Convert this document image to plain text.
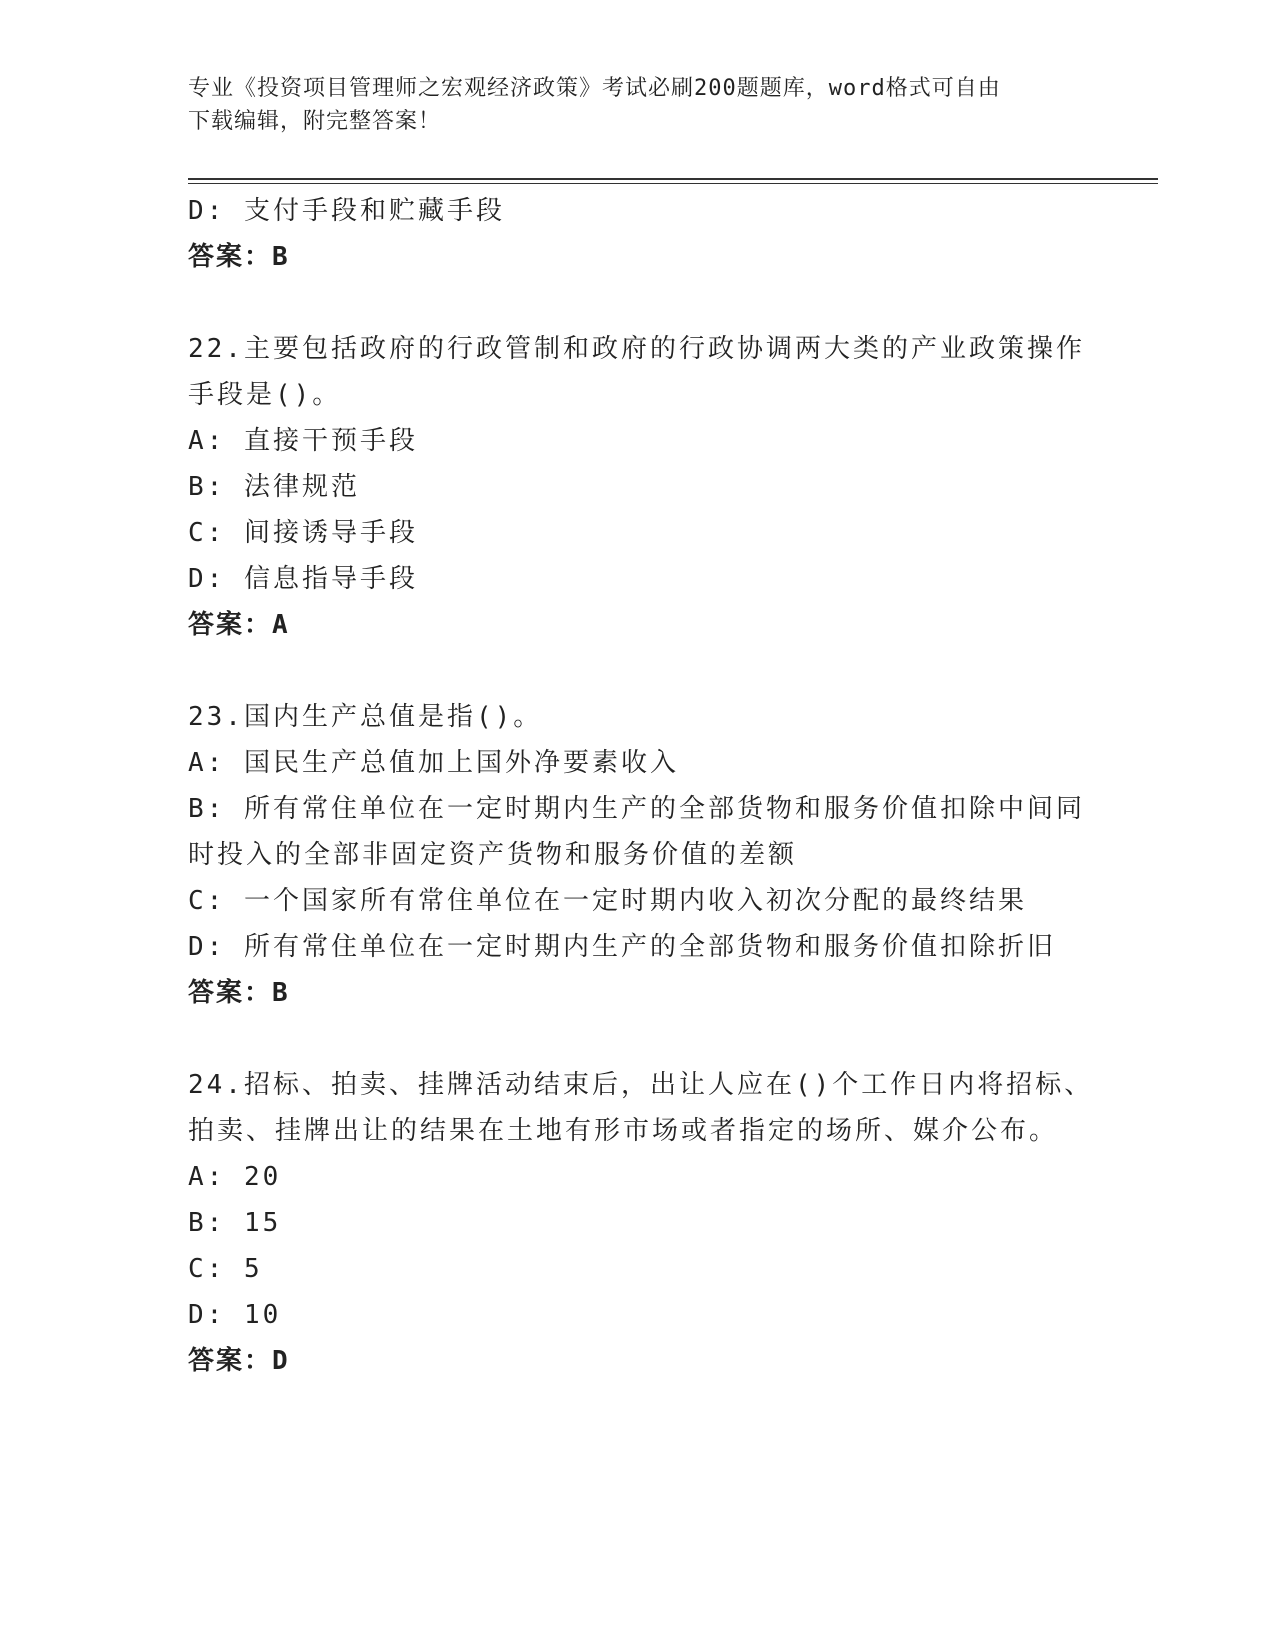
专业《投资项目管理师之宏观经济政策》考试必刷200题题库，word格式可自由
下载编辑，附完整答案！
D: 支付手段和贮藏手段
答案：B
22.主要包括政府的行政管制和政府的行政协调两大类的产业政策操作
手段是()。
A: 直接干预手段
B: 法律规范
C: 间接诱导手段
D: 信息指导手段
答案：A
23.国内生产总值是指()。
A: 国民生产总值加上国外净要素收入
B: 所有常住单位在一定时期内生产的全部货物和服务价值扣除中间同
时投入的全部非固定资产货物和服务价值的差额
C: 一个国家所有常住单位在一定时期内收入初次分配的最终结果
D: 所有常住单位在一定时期内生产的全部货物和服务价值扣除折旧
答案：B
24.招标、拍卖、挂牌活动结束后，出让人应在()个工作日内将招标、
拍卖、挂牌出让的结果在土地有形市场或者指定的场所、媒介公布。
A: 20
B: 15
C: 5
D: 10
答案：D
